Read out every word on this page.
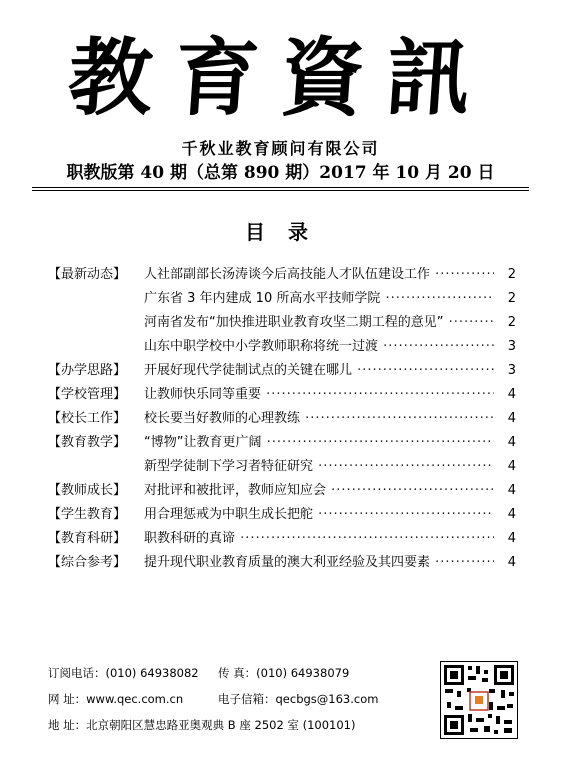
教育資訊
千秋业教育顾问有限公司
职教版第 40 期（总第 890 期）2017 年 10 月 20 日
目 录
【最新动态】	人社部副部长汤涛谈今后高技能人才队伍建设工作 ·····	2
广东省 3 年内建成 10 所高水平技师学院 ·····	2
河南省发布“加快推进职业教育攻坚二期工程的意见” ·····	2
山东中职学校中小学教师职称将统一过渡 ·····	3
【办学思路】	开展好现代学徒制试点的关键在哪儿 ·····	3
【学校管理】	让教师快乐同等重要 ·····	4
【校长工作】	校长要当好教师的心理教练 ·····	4
【教育教学】	“博物”让教育更广阔 ·····	4
新型学徒制下学习者特征研究 ·····	4
【教师成长】	对批评和被批评，教师应知应会 ·····	4
【学生教育】	用合理惩戒为中职生成长把舵 ·····	4
【教育科研】	职教科研的真谛 ·····	4
【综合参考】	提升现代职业教育质量的澳大利亚经验及其四要素 ·····	4
订阅电话：(010) 64938082 传 真：(010) 64938079
网 址：www.qec.com.cn	电子信箱：qecbgs@163.com
地 址：北京朝阳区慧忠路亚奥观典 B 座 2502 室 (100101)
